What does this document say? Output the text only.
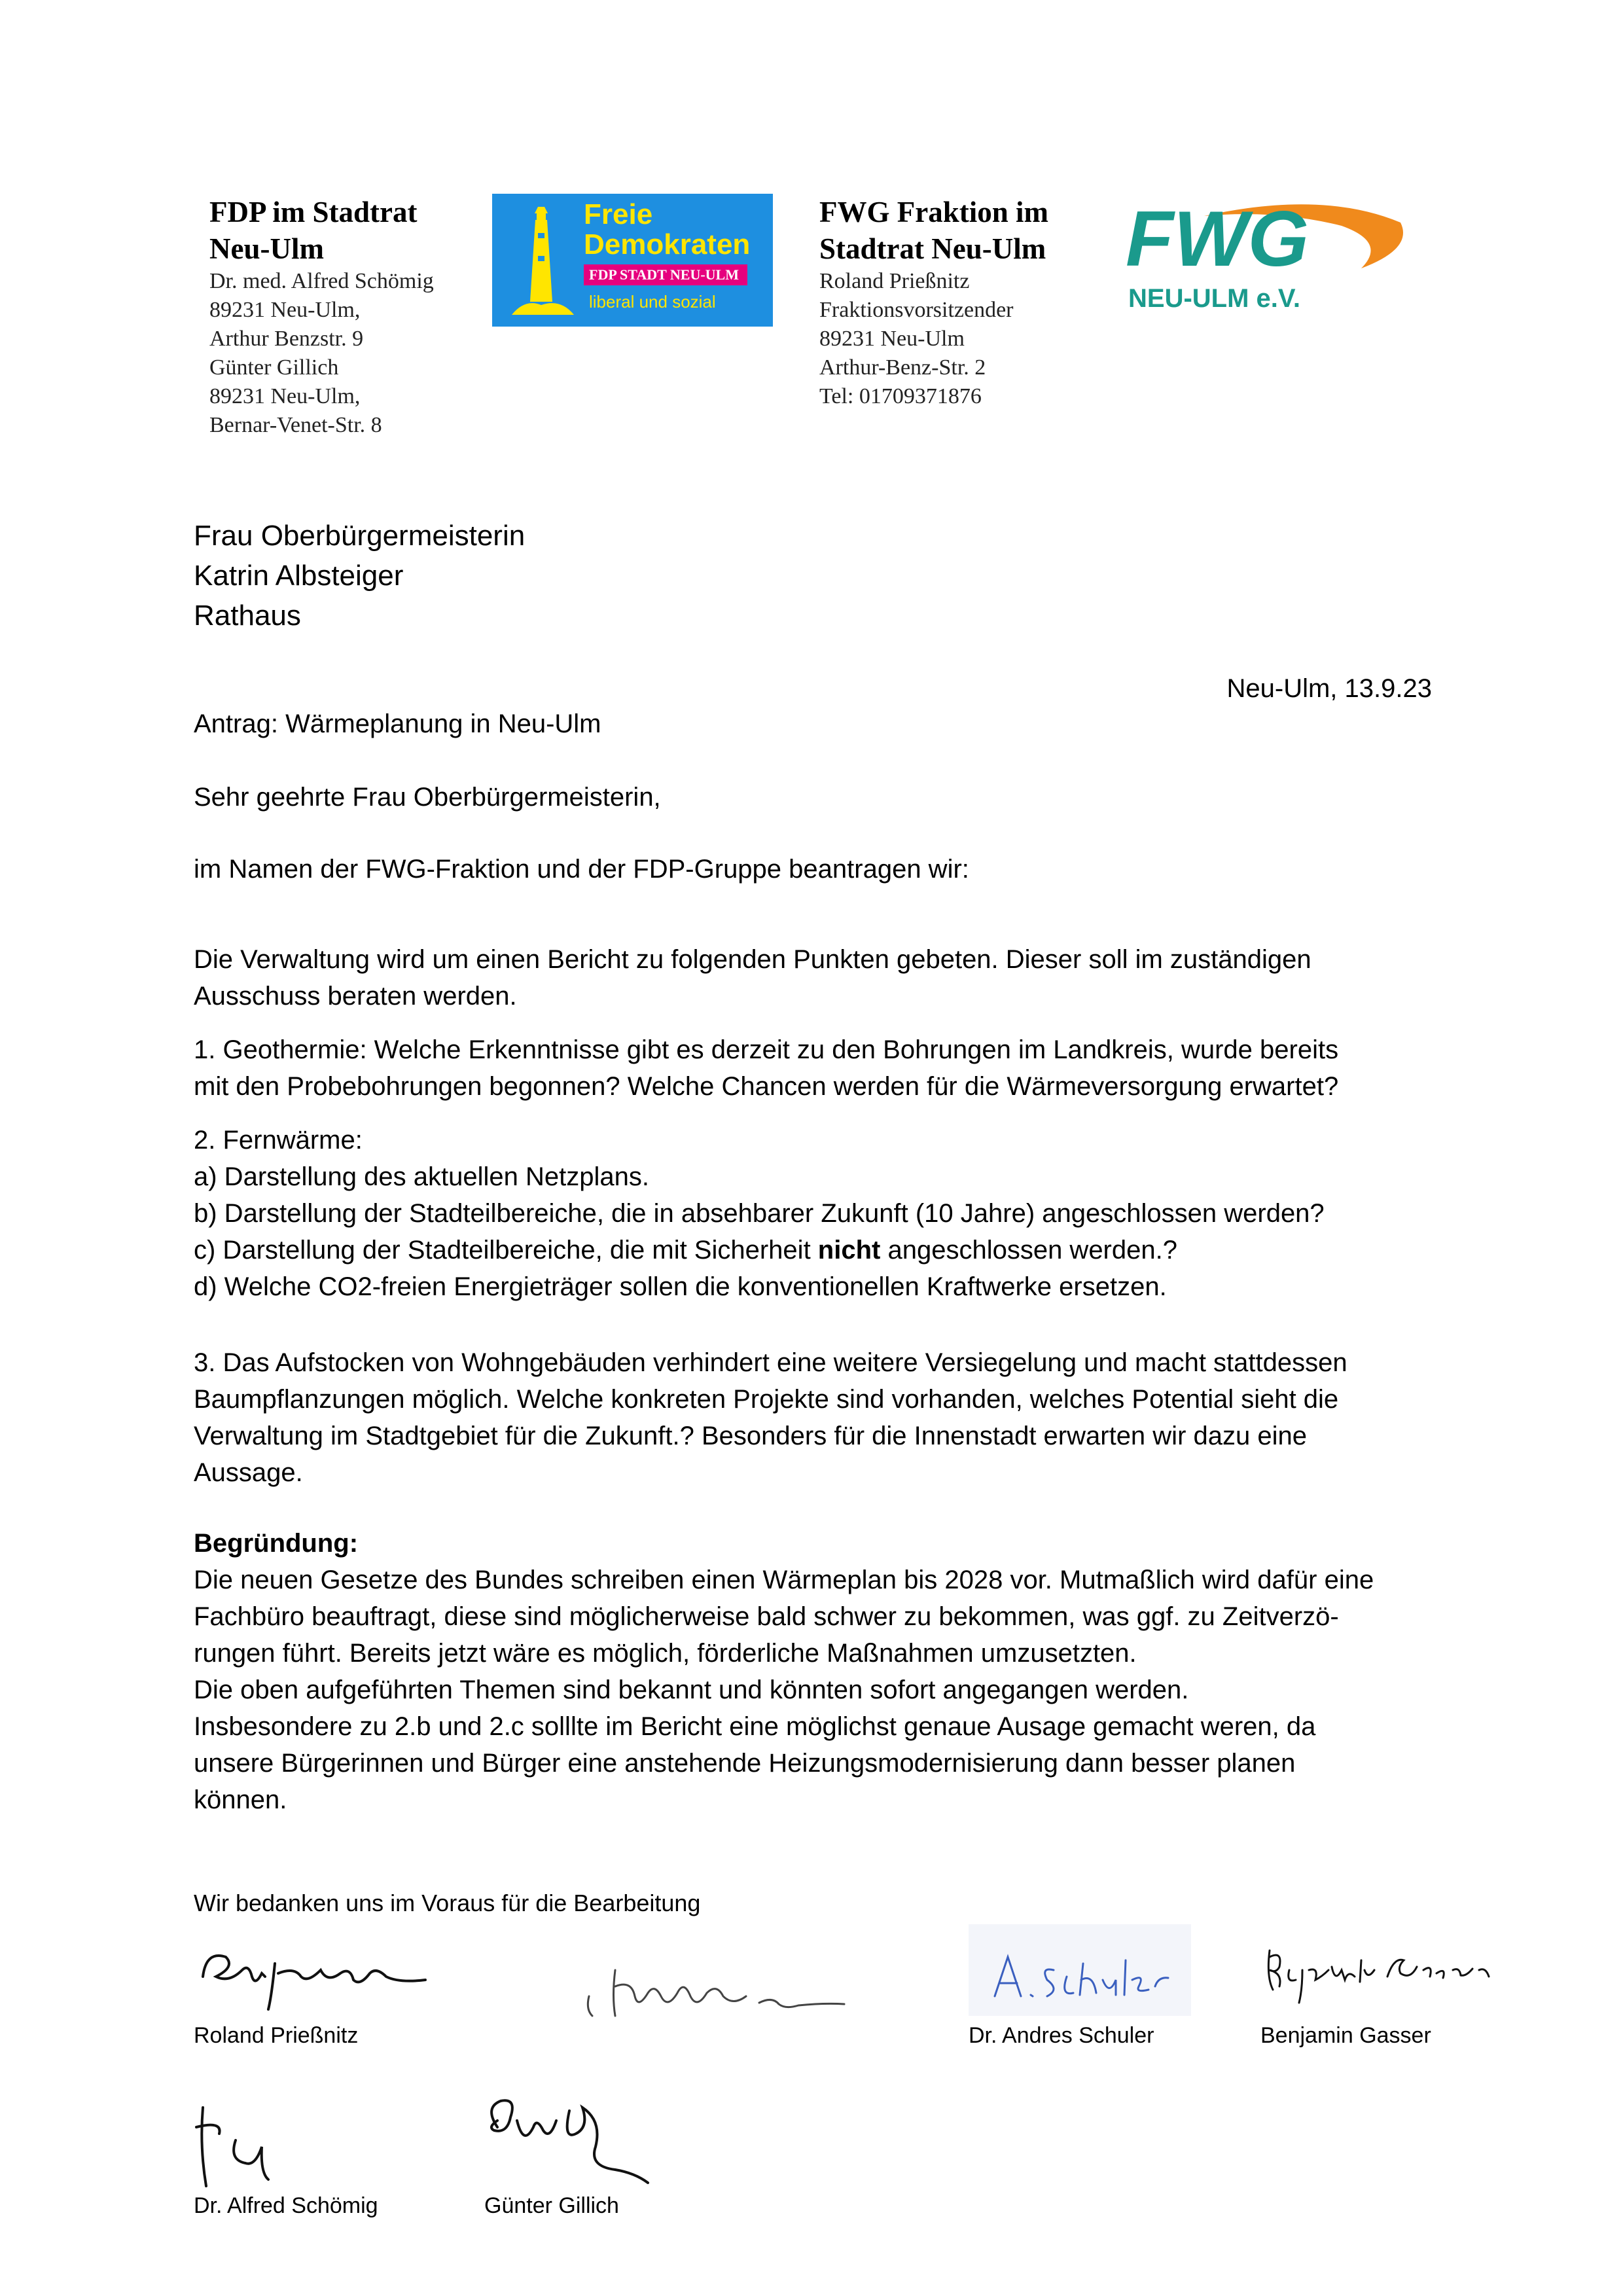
FDP im Stadtrat
Neu-Ulm
Dr. med. Alfred Schömig
89231 Neu-Ulm,
Arthur Benzstr. 9
Günter Gillich
89231 Neu-Ulm,
Bernar-Venet-Str. 8
Freie
Demokraten
FDP STADT NEU-ULM
liberal und sozial
FWG Fraktion im
Stadtrat Neu-Ulm
Roland Prießnitz
Fraktionsvorsitzender
89231 Neu-Ulm
Arthur-Benz-Str. 2
Tel: 01709371876
FWG
NEU-ULM e.V.
Frau Oberbürgermeisterin
Katrin Albsteiger
Rathaus
Neu-Ulm, 13.9.23
Antrag: Wärmeplanung in Neu-Ulm
Sehr geehrte Frau Oberbürgermeisterin,
im Namen der FWG-Fraktion und der FDP-Gruppe beantragen wir:
Die Verwaltung wird um einen Bericht zu folgenden Punkten gebeten. Dieser soll im zuständigen
Ausschuss beraten werden.
1. Geothermie: Welche Erkenntnisse gibt es derzeit zu den Bohrungen im Landkreis, wurde bereits
mit den Probebohrungen begonnen? Welche Chancen werden für die Wärmeversorgung erwartet?
2. Fernwärme:
a) Darstellung des aktuellen Netzplans.
b) Darstellung der Stadteilbereiche, die in absehbarer Zukunft (10 Jahre) angeschlossen werden?
c) Darstellung der Stadteilbereiche, die mit Sicherheit nicht angeschlossen werden.?
d) Welche CO2-freien Energieträger sollen die konventionellen Kraftwerke ersetzen.
3. Das Aufstocken von Wohngebäuden verhindert eine weitere Versiegelung und macht stattdessen
Baumpflanzungen möglich. Welche konkreten Projekte sind vorhanden, welches Potential sieht die
Verwaltung im Stadtgebiet für die Zukunft.? Besonders für die Innenstadt erwarten wir dazu eine
Aussage.
Begründung:
Die neuen Gesetze des Bundes schreiben einen Wärmeplan bis 2028 vor. Mutmaßlich wird dafür eine
Fachbüro beauftragt, diese sind möglicherweise bald schwer zu bekommen, was ggf. zu Zeitverzö-
rungen führt. Bereits jetzt wäre es möglich, förderliche Maßnahmen umzusetzten.
Die oben aufgeführten Themen sind bekannt und könnten sofort angegangen werden.
Insbesondere zu 2.b und 2.c solllte im Bericht eine möglichst genaue Ausage gemacht weren, da
unsere Bürgerinnen und Bürger eine anstehende Heizungsmodernisierung dann besser planen
können.
Wir bedanken uns im Voraus für die Bearbeitung
Roland Prießnitz	Dr. Andres Schuler	Benjamin Gasser
Dr. Alfred Schömig	Günter Gillich
